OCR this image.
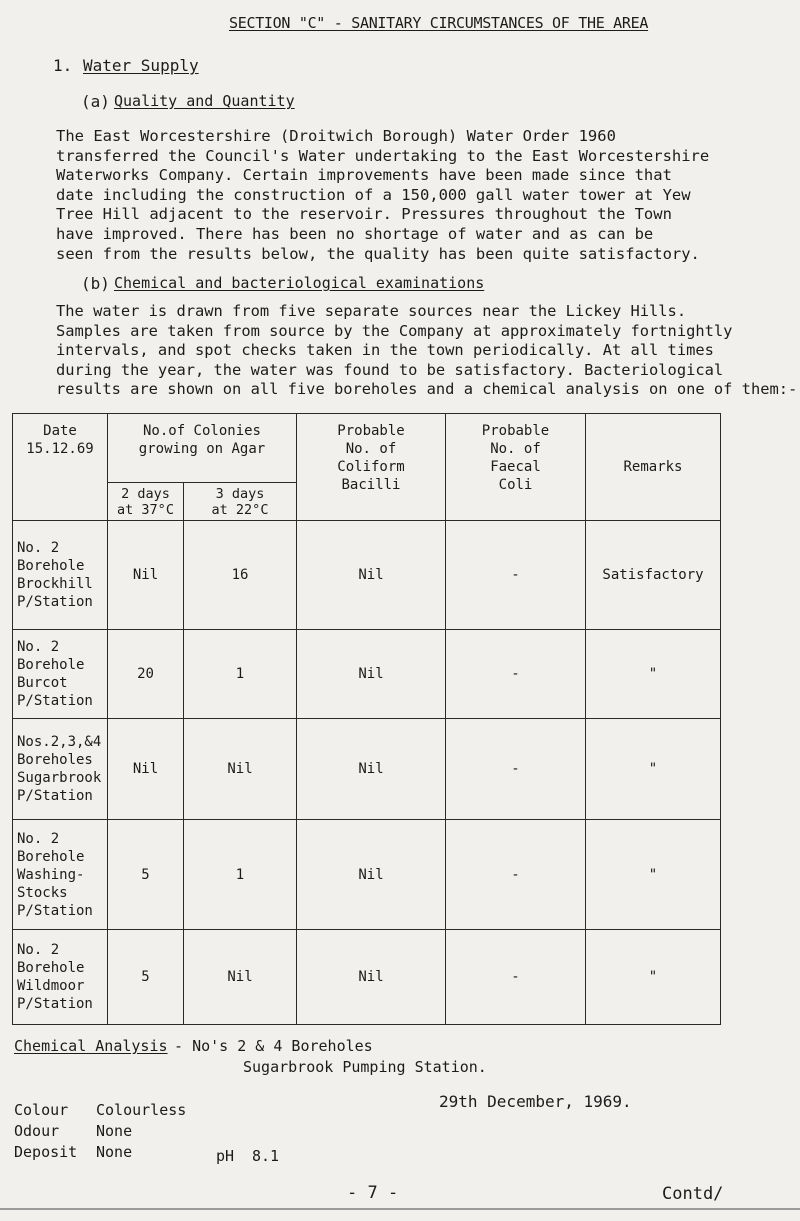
SECTION "C" - SANITARY CIRCUMSTANCES OF THE AREA
1. Water Supply
(a) Quality and Quantity
The East Worcestershire (Droitwich Borough) Water Order 1960
transferred the Council's Water undertaking to the East Worcestershire
Waterworks Company. Certain improvements have been made since that
date including the construction of a 150,000 gall water tower at Yew
Tree Hill adjacent to the reservoir. Pressures throughout the Town
have improved. There has been no shortage of water and as can be
seen from the results below, the quality has been quite satisfactory.
(b) Chemical and bacteriological examinations
The water is drawn from five separate sources near the Lickey Hills.
Samples are taken from source by the Company at approximately fortnightly
intervals, and spot checks taken in the town periodically. At all times
during the year, the water was found to be satisfactory. Bacteriological
results are shown on all five boreholes and a chemical analysis on one of them:-
Date
15.12.69	No.of Colonies
growing on Agar		Probable
No. of
Coliform
Bacilli	Probable
No. of
Faecal
Coli	Remarks

	2 days
at 37°C	3 days
at 22°C			

No. 2
Borehole
Brockhill
P/Station	Nil	16	Nil	-	Satisfactory

No. 2
Borehole
Burcot
P/Station	20	1	Nil	-	"

Nos.2,3,&4
Boreholes
Sugarbrook
P/Station	Nil	Nil	Nil	-	"

No. 2
Borehole
Washing-
Stocks
P/Station	5	1	Nil	-	"

No. 2
Borehole
Wildmoor
P/Station	5	Nil	Nil	-	"
Chemical Analysis
- No's 2 & 4 Boreholes
Sugarbrook Pumping Station.
29th December, 1969.
Colour Colourless
Odour None
Deposit None	pH 8.1
- 7 -	Contd/
